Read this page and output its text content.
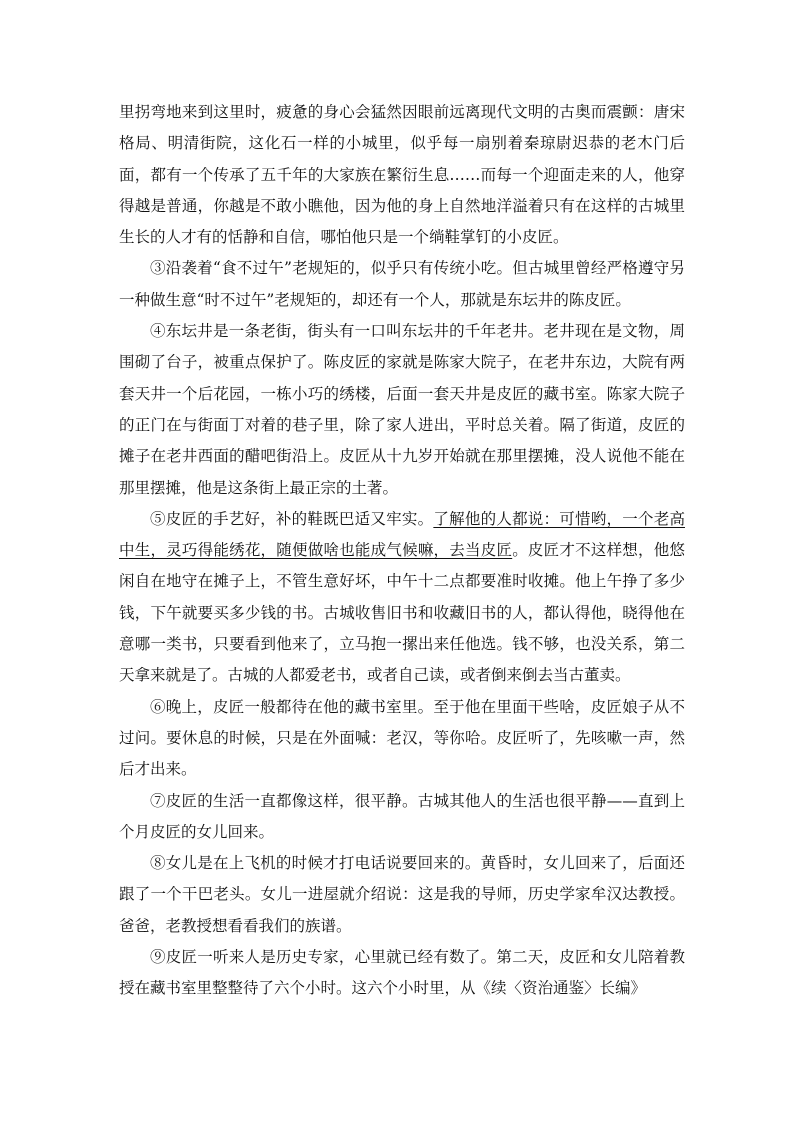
里拐弯地来到这里时，疲惫的身心会猛然因眼前远离现代文明的古奥而震颤：唐宋格局、明清街院，这化石一样的小城里，似乎每一扇别着秦琼尉迟恭的老木门后面，都有一个传承了五千年的大家族在繁衍生息……而每一个迎面走来的人，他穿得越是普通，你越是不敢小瞧他，因为他的身上自然地洋溢着只有在这样的古城里生长的人才有的恬静和自信，哪怕他只是一个绱鞋掌钉的小皮匠。

③沿袭着“食不过午”老规矩的，似乎只有传统小吃。但古城里曾经严格遵守另一种做生意“时不过午”老规矩的，却还有一个人，那就是东坛井的陈皮匠。

④东坛井是一条老街，街头有一口叫东坛井的千年老井。老井现在是文物，周围砌了台子，被重点保护了。陈皮匠的家就是陈家大院子，在老井东边，大院有两套天井一个后花园，一栋小巧的绣楼，后面一套天井是皮匠的藏书室。陈家大院子的正门在与街面丁对着的巷子里，除了家人进出，平时总关着。隔了街道，皮匠的摊子在老井西面的醋吧街沿上。皮匠从十九岁开始就在那里摆摊，没人说他不能在那里摆摊，他是这条街上最正宗的土著。

⑤皮匠的手艺好，补的鞋既巴适又牢实。了解他的人都说：可惜哟，一个老高中生，灵巧得能绣花，随便做啥也能成气候嘛，去当皮匠。皮匠才不这样想，他悠闲自在地守在摊子上，不管生意好坏，中午十二点都要准时收摊。他上午挣了多少钱，下午就要买多少钱的书。古城收售旧书和收藏旧书的人，都认得他，晓得他在意哪一类书，只要看到他来了，立马抱一摞出来任他选。钱不够，也没关系，第二天拿来就是了。古城的人都爱老书，或者自己读，或者倒来倒去当古董卖。

⑥晚上，皮匠一般都待在他的藏书室里。至于他在里面干些啥，皮匠娘子从不过问。要休息的时候，只是在外面喊：老汉，等你哈。皮匠听了，先咳嗽一声，然后才出来。

⑦皮匠的生活一直都像这样，很平静。古城其他人的生活也很平静——直到上个月皮匠的女儿回来。

⑧女儿是在上飞机的时候才打电话说要回来的。黄昏时，女儿回来了，后面还跟了一个干巴老头。女儿一进屋就介绍说：这是我的导师，历史学家牟汉达教授。爸爸，老教授想看看我们的族谱。

⑨皮匠一听来人是历史专家，心里就已经有数了。第二天，皮匠和女儿陪着教授在藏书室里整整待了六个小时。这六个小时里，从《续〈资治通鉴〉长编》
